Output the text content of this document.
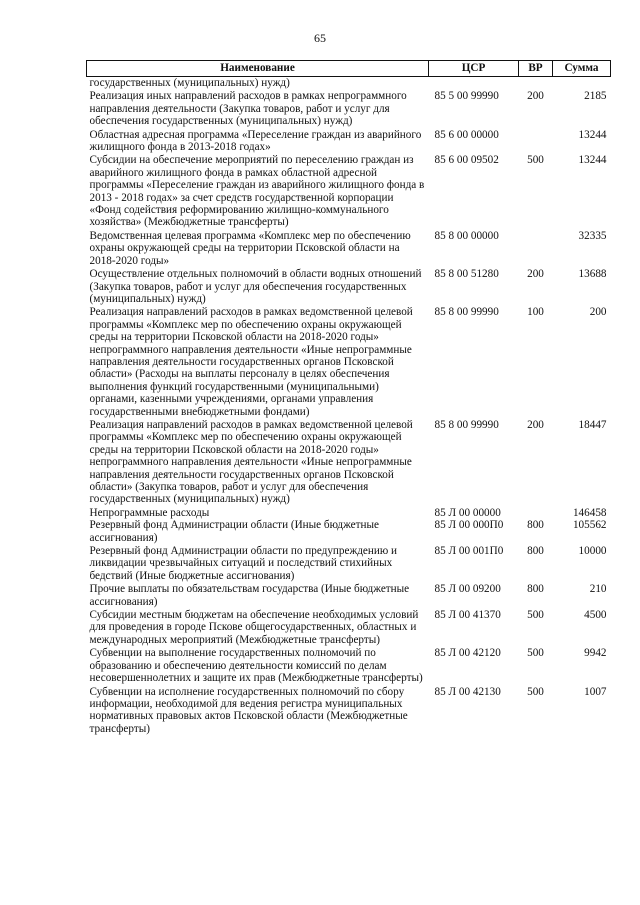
65
Наименование	ЦСР	ВР	Сумма
государственных (муниципальных) нужд)			
Реализация иных направлений расходов в рамках непрограммного направления деятельности (Закупка товаров, работ и услуг для обеспечения государственных (муниципальных) нужд)	85 5 00 99990	200	2185
Областная адресная программа «Переселение граждан из аварийного жилищного фонда в 2013-2018 годах»	85 6 00 00000		13244
Субсидии на обеспечение мероприятий по переселению граждан из аварийного жилищного фонда в рамках областной адресной программы «Переселение граждан из аварийного жилищного фонда в 2013 - 2018 годах» за счет средств государственной корпорации «Фонд содействия реформированию жилищно-коммунального хозяйства» (Межбюджетные трансферты)	85 6 00 09502	500	13244
Ведомственная целевая программа «Комплекс мер по обеспечению охраны окружающей среды на территории Псковской области на 2018-2020 годы»	85 8 00 00000		32335
Осуществление отдельных полномочий в области водных отношений (Закупка товаров, работ и услуг для обеспечения государственных (муниципальных) нужд)	85 8 00 51280	200	13688
Реализация направлений расходов в рамках ведомственной целевой программы «Комплекс мер по обеспечению охраны окружающей среды на территории Псковской области на 2018-2020 годы» непрограммного направления деятельности «Иные непрограммные направления деятельности государственных органов Псковской области» (Расходы на выплаты персоналу в целях обеспечения выполнения функций государственными (муниципальными) органами, казенными учреждениями, органами управления государственными внебюджетными фондами)	85 8 00 99990	100	200
Реализация направлений расходов в рамках ведомственной целевой программы «Комплекс мер по обеспечению охраны окружающей среды на территории Псковской области на 2018-2020 годы» непрограммного направления деятельности «Иные непрограммные направления деятельности государственных органов Псковской области» (Закупка товаров, работ и услуг для обеспечения государственных (муниципальных) нужд)	85 8 00 99990	200	18447
Непрограммные расходы	85 Л 00 00000		146458
Резервный фонд Администрации области (Иные бюджетные ассигнования)	85 Л 00 000П0	800	105562
Резервный фонд Администрации области по предупреждению и ликвидации чрезвычайных ситуаций и последствий стихийных бедствий (Иные бюджетные ассигнования)	85 Л 00 001П0	800	10000
Прочие выплаты по обязательствам государства (Иные бюджетные ассигнования)	85 Л 00 09200	800	210
Субсидии местным бюджетам на обеспечение необходимых условий для проведения в городе Пскове общегосударственных, областных и международных мероприятий (Межбюджетные трансферты)	85 Л 00 41370	500	4500
Субвенции на выполнение государственных полномочий по образованию и обеспечению деятельности комиссий по делам несовершеннолетних и защите их прав (Межбюджетные трансферты)	85 Л 00 42120	500	9942
Субвенции на исполнение государственных полномочий по сбору информации, необходимой для ведения регистра муниципальных нормативных правовых актов Псковской области (Межбюджетные трансферты)	85 Л 00 42130	500	1007
